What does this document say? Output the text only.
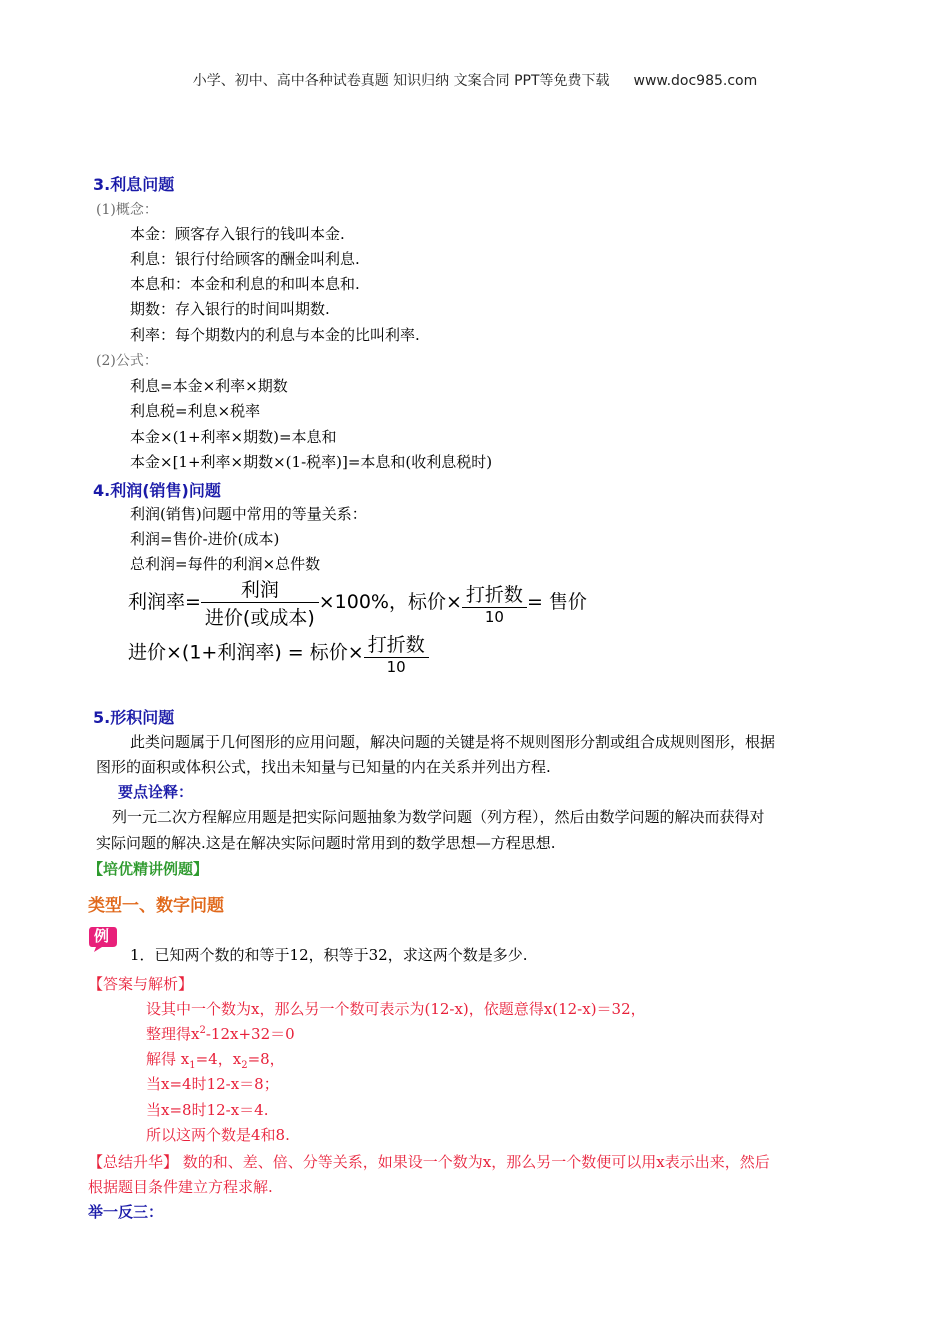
小学、初中、高中各种试卷真题 知识归纳 文案合同 PPT等免费下载 www.doc985.com
3.利息问题
(1)概念：
本金：顾客存入银行的钱叫本金.
利息：银行付给顾客的酬金叫利息.
本息和：本金和利息的和叫本息和.
期数：存入银行的时间叫期数.
利率：每个期数内的利息与本金的比叫利率.
(2)公式：
利息=本金×利率×期数
利息税=利息×税率
本金×(1+利率×期数)=本息和
本金×[1+利率×期数×(1-税率)]=本息和(收利息税时)
4.利润(销售)问题
利润(销售)问题中常用的等量关系：
利润=售价-进价(成本)
总利润=每件的利润×总件数
利润率= $\frac{\text{利润}}{\text{进价(或成本)}} \times 100\%$，标价× $\frac{\text{打折数}}{10}$ = 售价
进价×(1+利润率) = 标价× $\frac{\text{打折数}}{10}$
5.形积问题
此类问题属于几何图形的应用问题，解决问题的关键是将不规则图形分割或组合成规则图形，根据
图形的面积或体积公式，找出未知量与已知量的内在关系并列出方程.
要点诠释：
列一元二次方程解应用题是把实际问题抽象为数学问题（列方程），然后由数学问题的解决而获得对
实际问题的解决.这是在解决实际问题时常用到的数学思想—方程思想.
【培优精讲例题】
类型一、数字问题
例
1．已知两个数的和等于12，积等于32，求这两个数是多少.
【答案与解析】
设其中一个数为x，那么另一个数可表示为(12-x)，依题意得x(12-x)＝32，
整理得$x^2-12x+32=0$
解得 $x_1=4$，$x_2=8$，
当x=4时12-x＝8；
当x=8时12-x＝4.
所以这两个数是4和8.
【总结升华】 数的和、差、倍、分等关系，如果设一个数为x，那么另一个数便可以用x表示出来，然后
根据题目条件建立方程求解.
举一反三：
